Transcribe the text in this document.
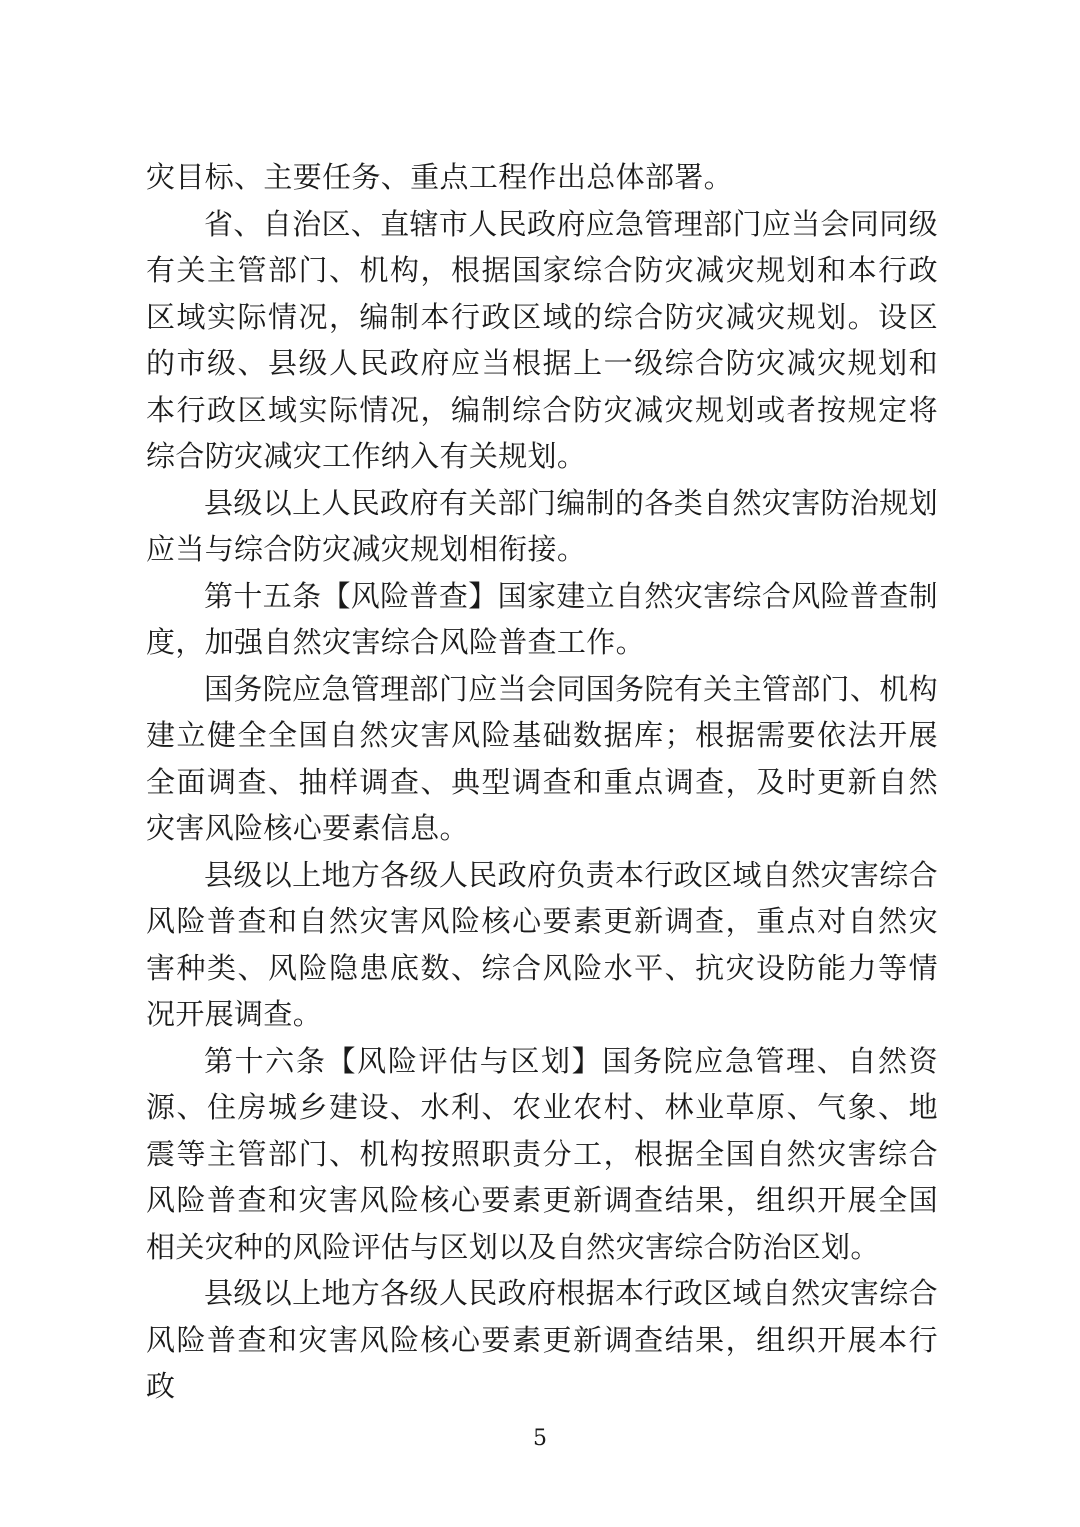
灾目标、主要任务、重点工程作出总体部署。

省、自治区、直辖市人民政府应急管理部门应当会同同级有关主管部门、机构，根据国家综合防灾减灾规划和本行政区域实际情况，编制本行政区域的综合防灾减灾规划。设区的市级、县级人民政府应当根据上一级综合防灾减灾规划和本行政区域实际情况，编制综合防灾减灾规划或者按规定将综合防灾减灾工作纳入有关规划。

县级以上人民政府有关部门编制的各类自然灾害防治规划应当与综合防灾减灾规划相衔接。

第十五条【风险普查】国家建立自然灾害综合风险普查制度，加强自然灾害综合风险普查工作。

国务院应急管理部门应当会同国务院有关主管部门、机构建立健全全国自然灾害风险基础数据库；根据需要依法开展全面调查、抽样调查、典型调查和重点调查，及时更新自然灾害风险核心要素信息。

县级以上地方各级人民政府负责本行政区域自然灾害综合风险普查和自然灾害风险核心要素更新调查，重点对自然灾害种类、风险隐患底数、综合风险水平、抗灾设防能力等情况开展调查。

第十六条【风险评估与区划】国务院应急管理、自然资源、住房城乡建设、水利、农业农村、林业草原、气象、地震等主管部门、机构按照职责分工，根据全国自然灾害综合风险普查和灾害风险核心要素更新调查结果，组织开展全国相关灾种的风险评估与区划以及自然灾害综合防治区划。

县级以上地方各级人民政府根据本行政区域自然灾害综合风险普查和灾害风险核心要素更新调查结果，组织开展本行政

5
